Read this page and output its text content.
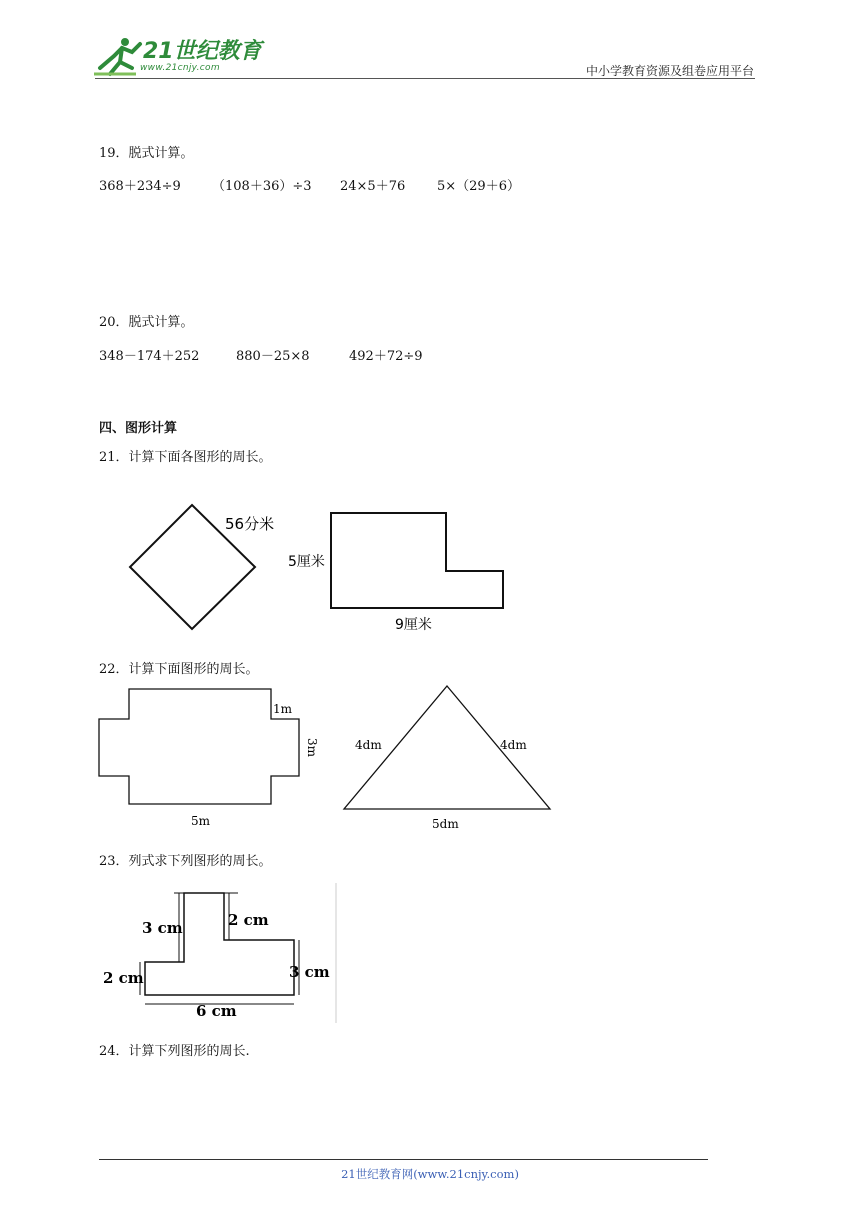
21世纪教育
www.21cnjy.com	中小学教育资源及组卷应用平台
19．脱式计算。
368＋234÷9 （108＋36）÷3 24×5＋76 5×（29＋6）
20．脱式计算。
348－174＋252	880－25×8	492＋72÷9
四、图形计算
21．计算下面各图形的周长。
56分米
5厘米
9厘米
22．计算下面图形的周长。
1m
3m
5m
4dm	4dm
5dm
23．列式求下列图形的周长。
3 cm	2 cm
3 cm
2 cm
6 cm
24．计算下列图形的周长.
21世纪教育网(www.21cnjy.com)
